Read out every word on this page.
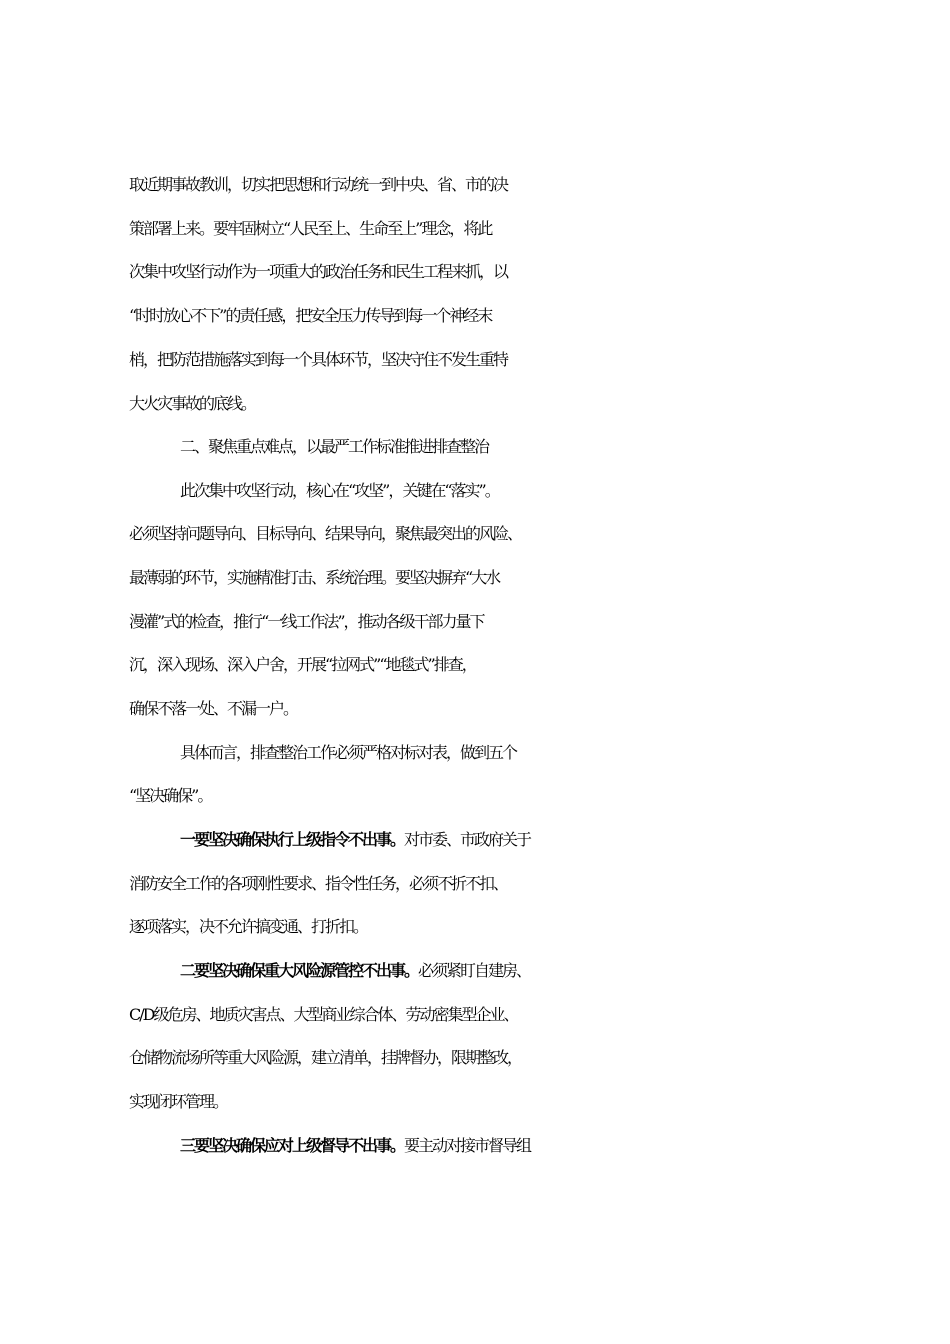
取近期事故教训，切实把思想和行动统一到中央、省、市的决
策部署上来。要牢固树立“人民至上、生命至上”理念，将此
次集中攻坚行动作为一项重大的政治任务和民生工程来抓，以
“时时放心不下”的责任感，把安全压力传导到每一个神经末
梢，把防范措施落实到每一个具体环节，坚决守住不发生重特
大火灾事故的底线。
二、聚焦重点难点，以最严工作标准推进排查整治
此次集中攻坚行动，核心在“攻坚”，关键在“落实”。
必须坚持问题导向、目标导向、结果导向，聚焦最突出的风险、
最薄弱的环节，实施精准打击、系统治理。要坚决摒弃“大水
漫灌”式的检查，推行“一线工作法”，推动各级干部力量下
沉，深入现场、深入户舍，开展“拉网式”“地毯式”排查，
确保不落一处、不漏一户。
具体而言，排查整治工作必须严格对标对表，做到五个
“坚决确保”。
一要坚决确保执行上级指令不出事。对市委、市政府关于
消防安全工作的各项刚性要求、指令性任务，必须不折不扣、
逐项落实，决不允许搞变通、打折扣。
二要坚决确保重大风险源管控不出事。必须紧盯自建房、
C/D级危房、地质灾害点、大型商业综合体、劳动密集型企业、
仓储物流场所等重大风险源，建立清单，挂牌督办，限期整改，
实现闭环管理。
三要坚决确保应对上级督导不出事。要主动对接市督导组
